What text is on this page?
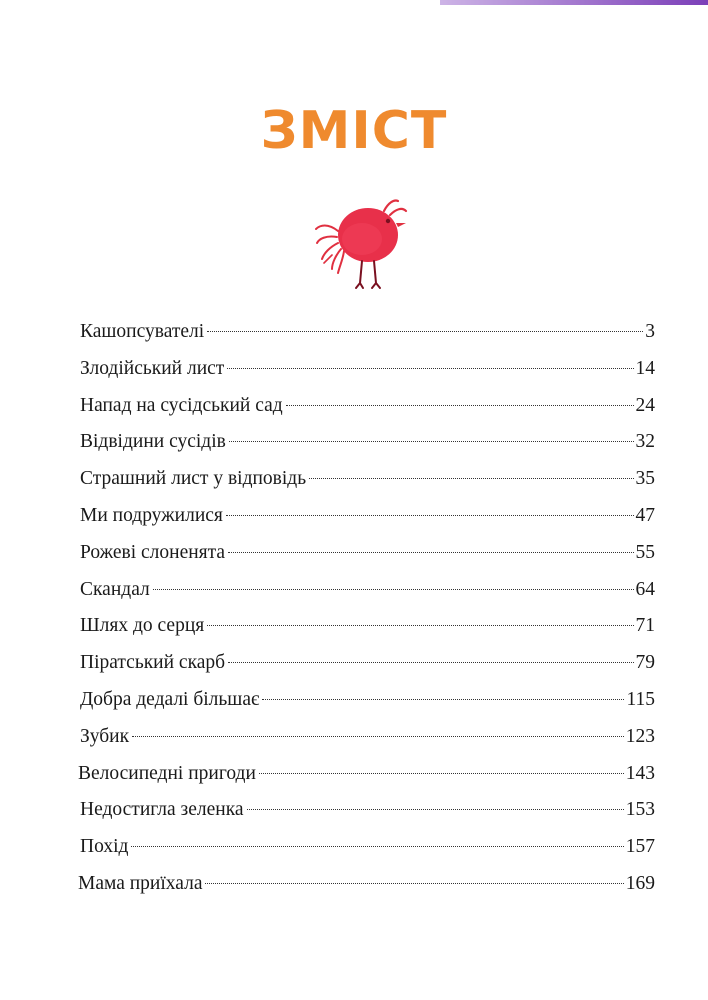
ЗМІСТ
Кашопсувателі	3
Злодійський лист	14
Напад на сусідський сад	24
Відвідини сусідів	32
Страшний лист у відповідь	35
Ми подружилися	47
Рожеві слоненята	55
Скандал	64
Шлях до серця	71
Піратський скарб	79
Добра дедалі більшає	115
Зубик	123
Велосипедні пригоди	143
Недостигла зеленка	153
Похід	157
Мама приїхала	169
